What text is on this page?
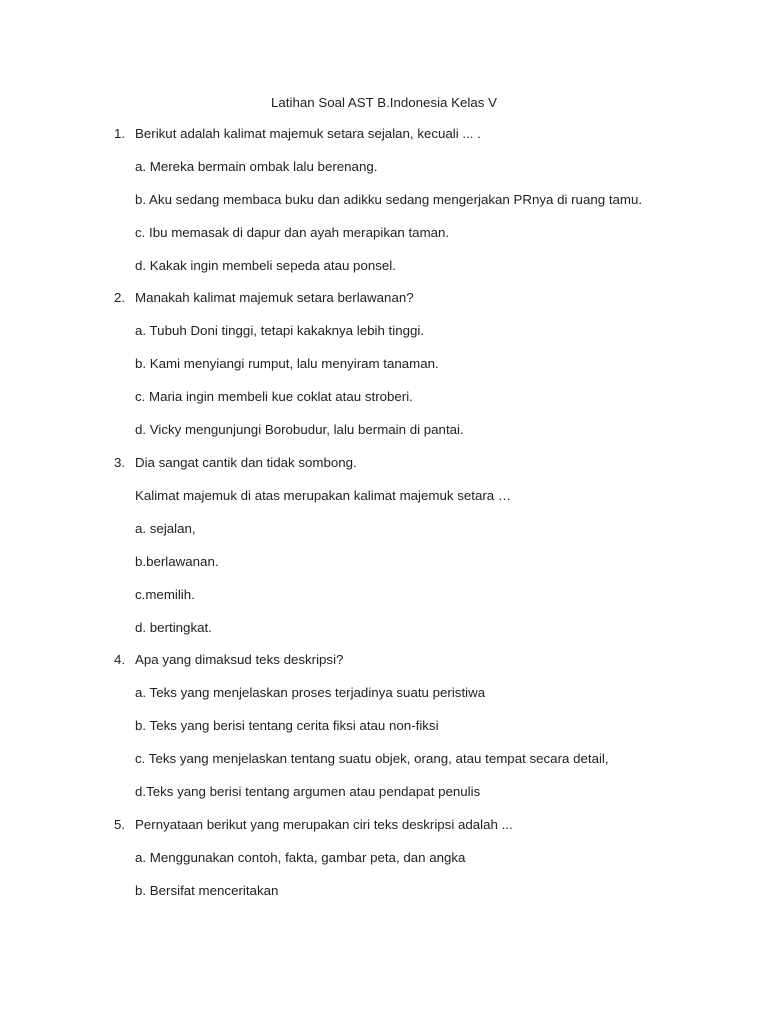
Latihan Soal AST B.Indonesia Kelas V
1. Berikut adalah kalimat majemuk setara sejalan, kecuali ... .
a. Mereka bermain ombak lalu berenang.
b. Aku sedang membaca buku dan adikku sedang mengerjakan PRnya di ruang tamu.
c. Ibu memasak di dapur dan ayah merapikan taman.
d. Kakak ingin membeli sepeda atau ponsel.
2. Manakah kalimat majemuk setara berlawanan?
a. Tubuh Doni tinggi, tetapi kakaknya lebih tinggi.
b. Kami menyiangi rumput, lalu menyiram tanaman.
c. Maria ingin membeli kue coklat atau stroberi.
d. Vicky mengunjungi Borobudur, lalu bermain di pantai.
3. Dia sangat cantik dan tidak sombong.
Kalimat majemuk di atas merupakan kalimat majemuk setara …
a. sejalan,
b.berlawanan.
c.memilih.
d. bertingkat.
4. Apa yang dimaksud teks deskripsi?
a. Teks yang menjelaskan proses terjadinya suatu peristiwa
b. Teks yang berisi tentang cerita fiksi atau non-fiksi
c. Teks yang menjelaskan tentang suatu objek, orang, atau tempat secara detail,
d.Teks yang berisi tentang argumen atau pendapat penulis
5. Pernyataan berikut yang merupakan ciri teks deskripsi adalah ...
a. Menggunakan contoh, fakta, gambar peta, dan angka
b. Bersifat menceritakan
